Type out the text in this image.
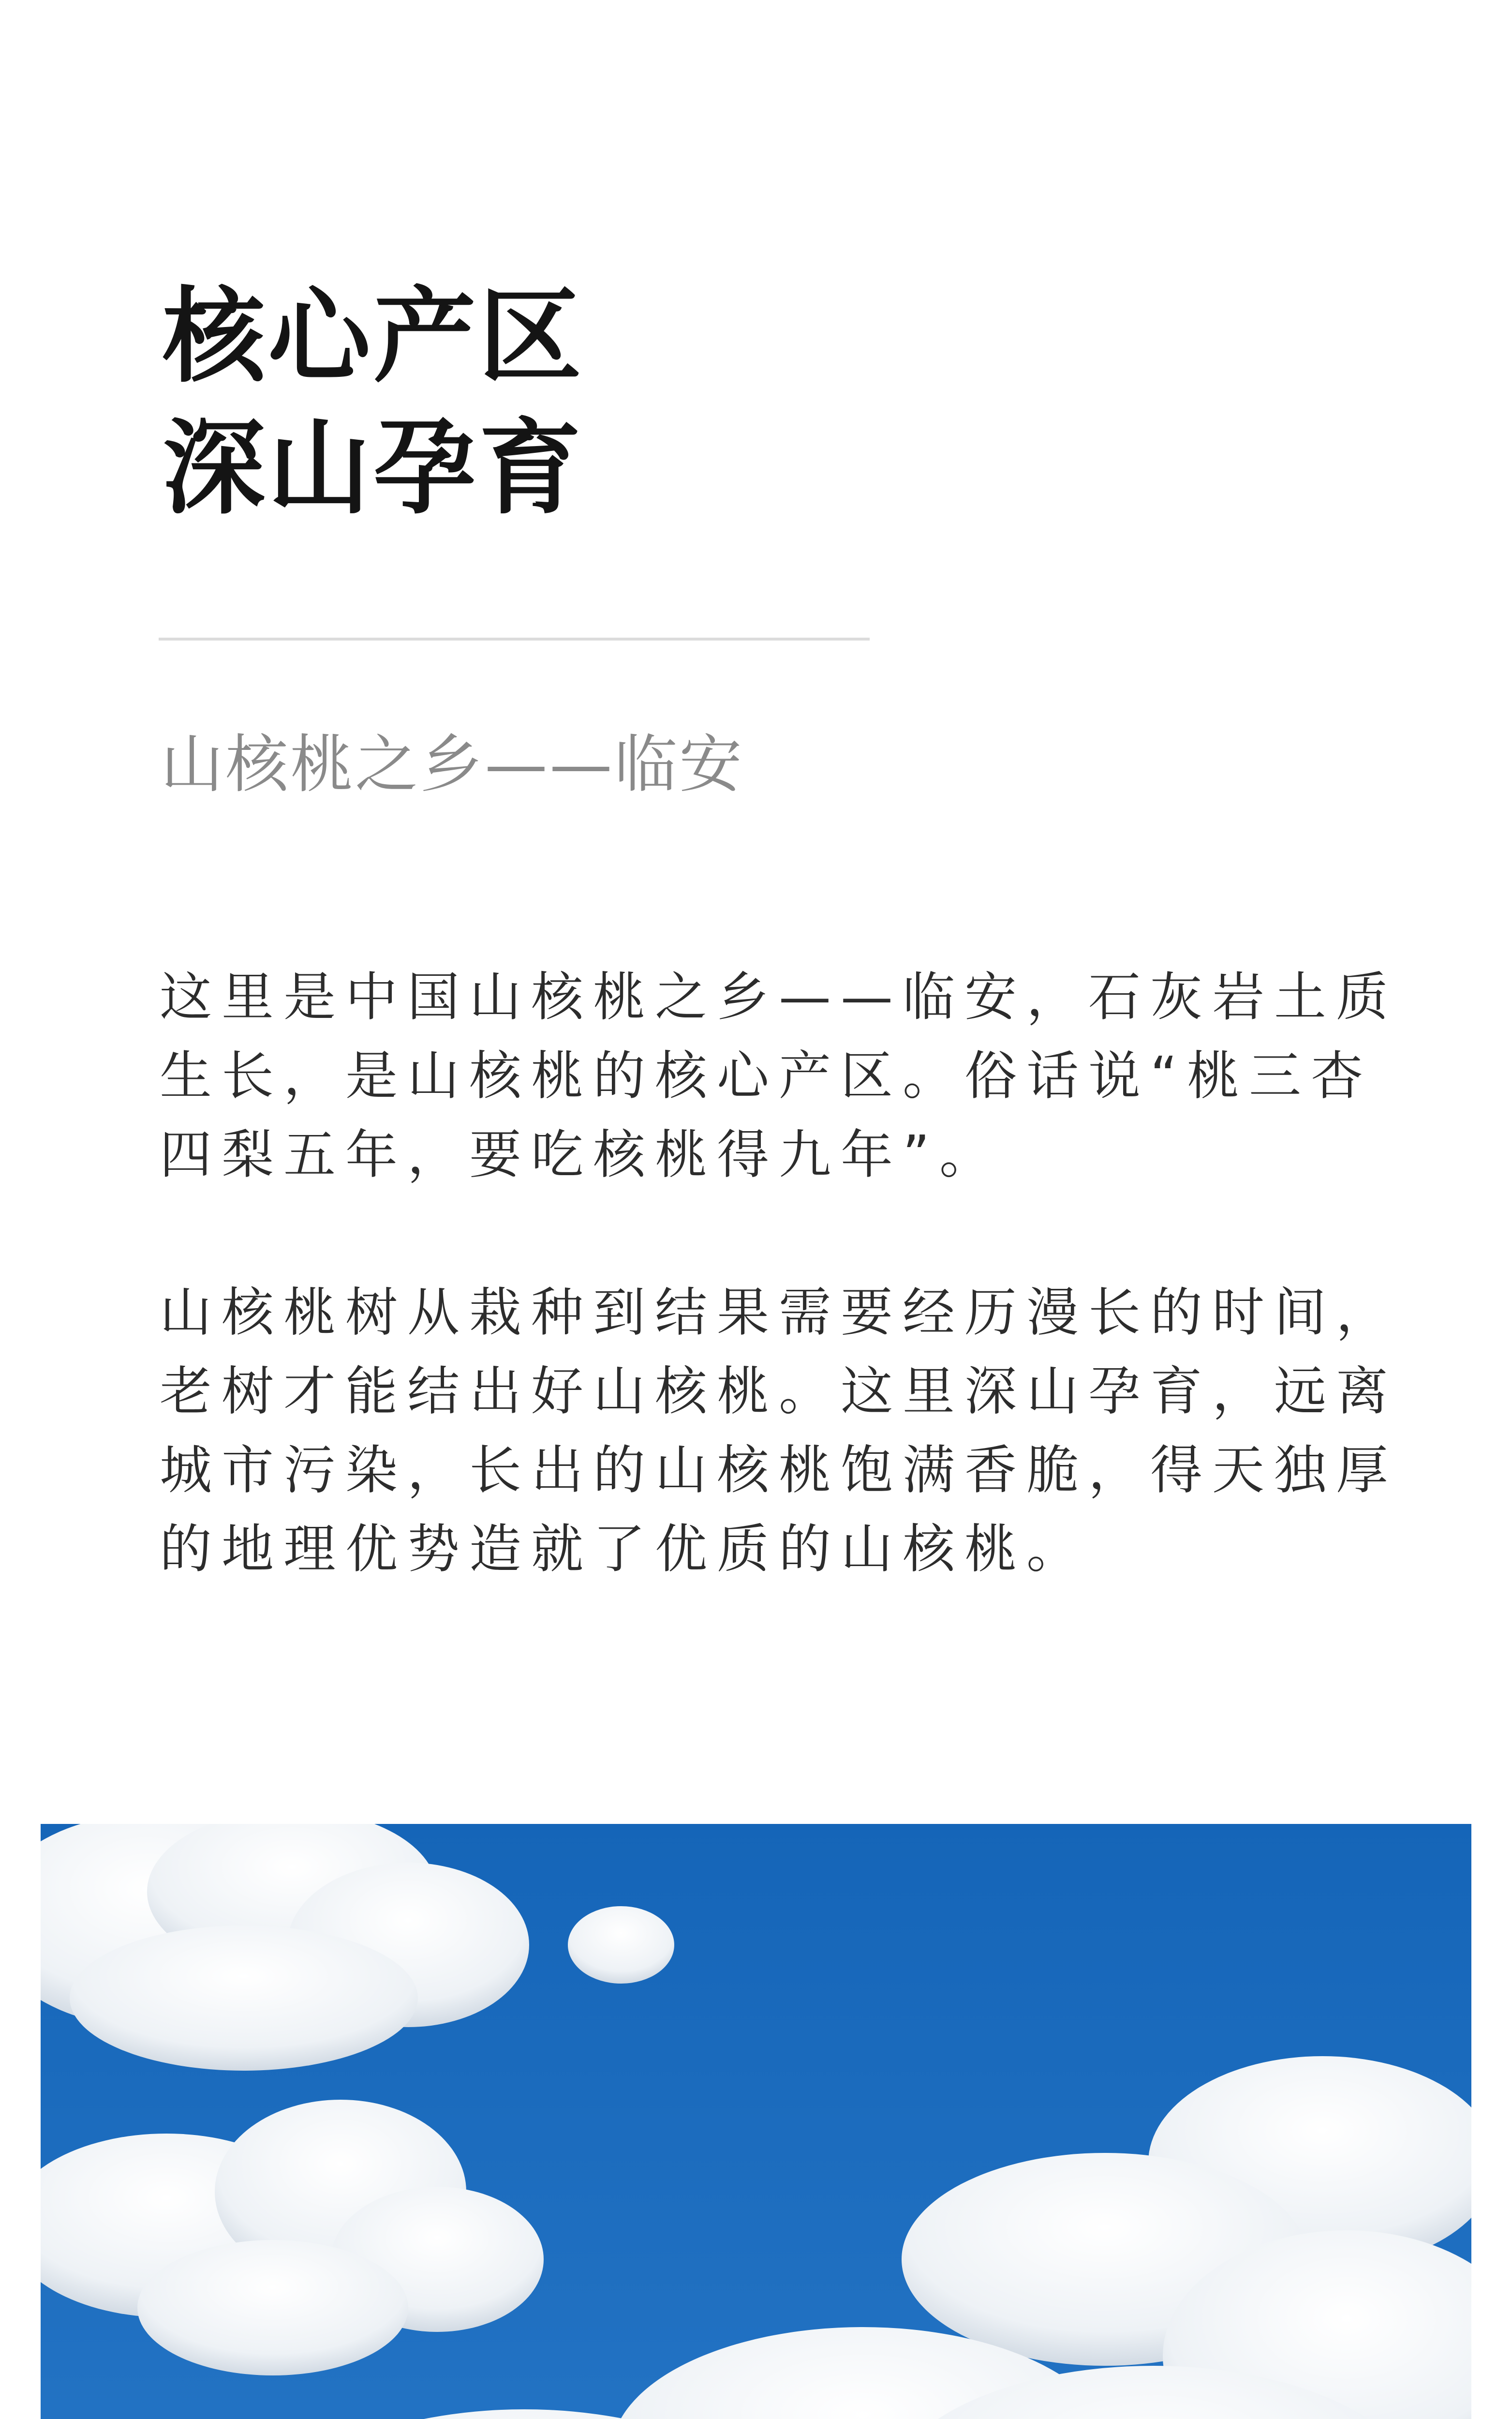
核心产区
深山孕育
山核桃之乡——临安

这里是中国山核桃之乡——临安，石灰岩土质
生长，是山核桃的核心产区。俗话说“桃三杏
四梨五年，要吃核桃得九年”。

山核桃树从栽种到结果需要经历漫长的时间，
老树才能结出好山核桃。这里深山孕育，远离
城市污染，长出的山核桃饱满香脆，得天独厚
的地理优势造就了优质的山核桃。
